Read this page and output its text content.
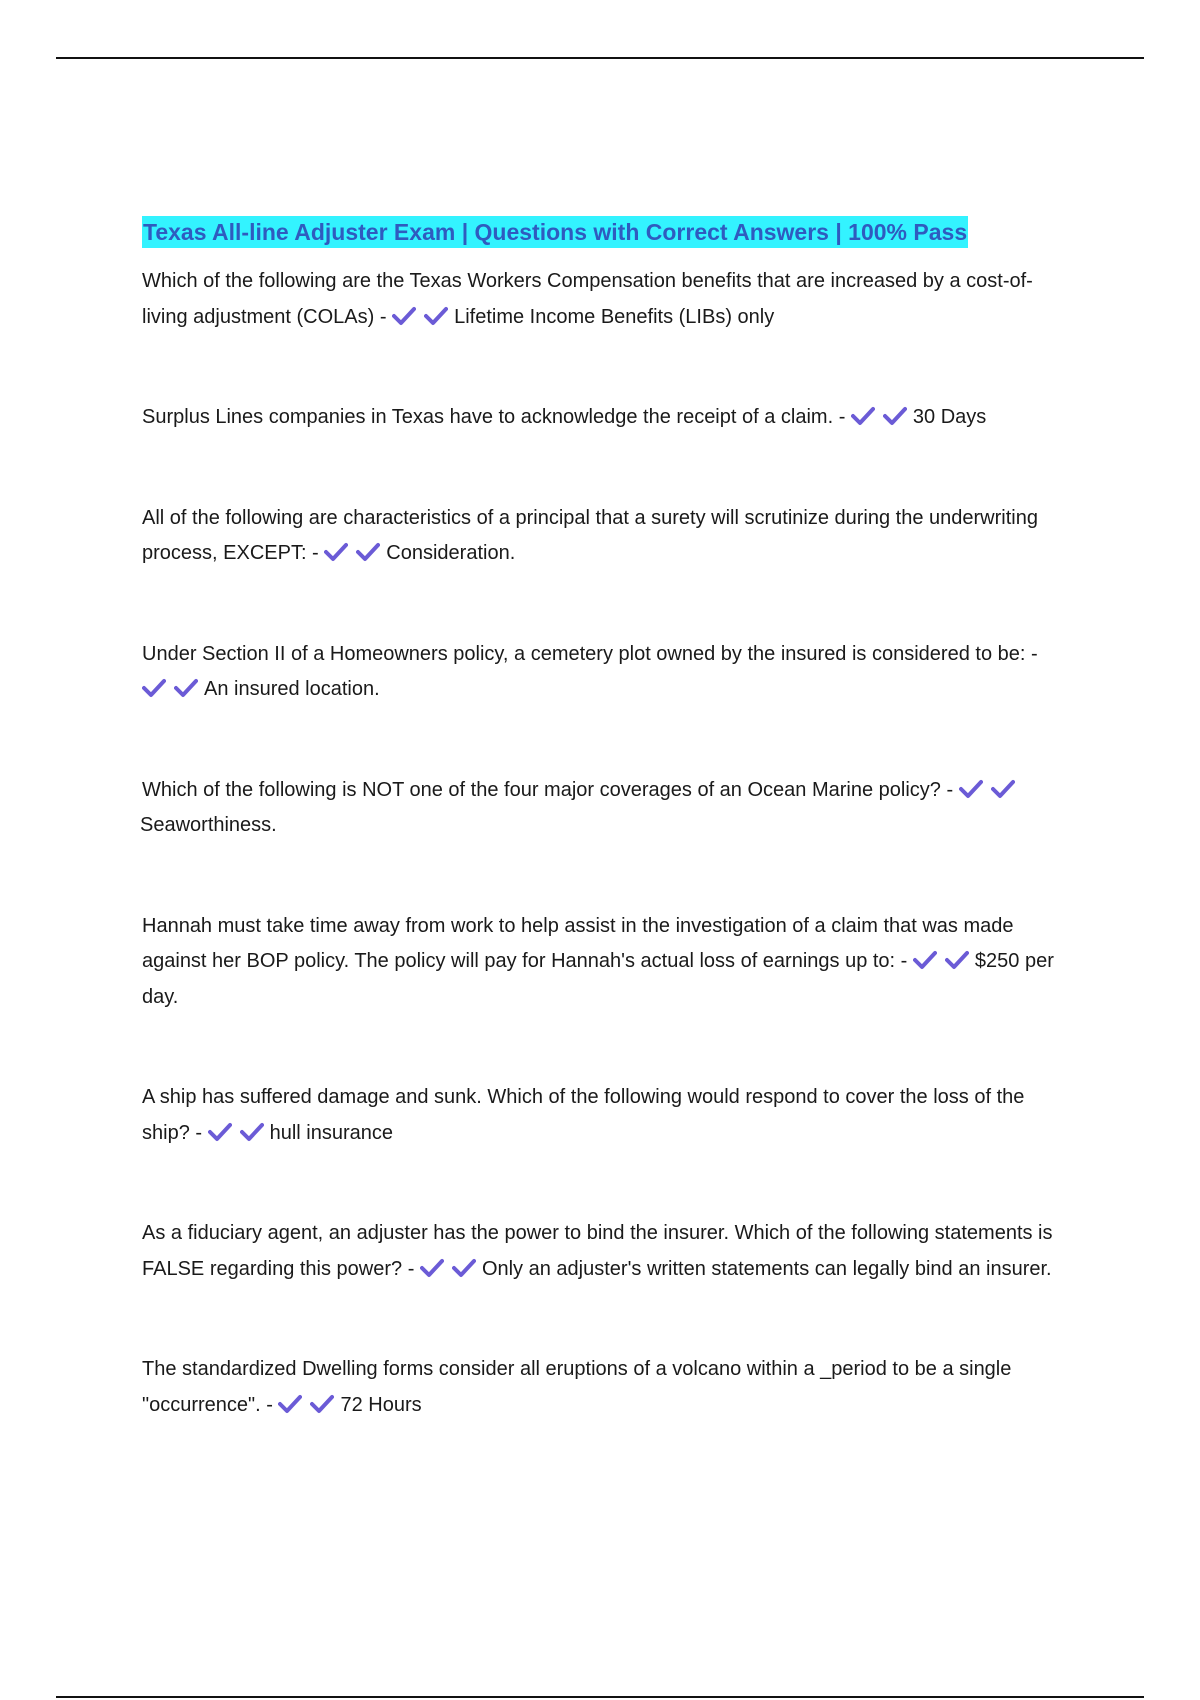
Texas All-line Adjuster Exam | Questions with Correct Answers | 100% Pass

Which of the following are the Texas Workers Compensation benefits that are increased by a cost-of-living adjustment (COLAs) -	Lifetime Income Benefits (LIBs) only

Surplus Lines companies in Texas have to acknowledge the receipt of a claim. -	30 Days

All of the following are characteristics of a principal that a surety will scrutinize during the underwriting process, EXCEPT: -	Consideration.

Under Section II of a Homeowners policy, a cemetery plot owned by the insured is considered to be: -
An insured location.

Which of the following is NOT one of the four major coverages of an Ocean Marine policy? -
Seaworthiness.

Hannah must take time away from work to help assist in the investigation of a claim that was made against her BOP policy. The policy will pay for Hannah's actual loss of earnings up to: -	$250 per day.

A ship has suffered damage and sunk. Which of the following would respond to cover the loss of the ship? -	hull insurance

As a fiduciary agent, an adjuster has the power to bind the insurer. Which of the following statements is FALSE regarding this power? -	Only an adjuster's written statements can legally bind an insurer.

The standardized Dwelling forms consider all eruptions of a volcano within a _period to be a single "occurrence". -	72 Hours
